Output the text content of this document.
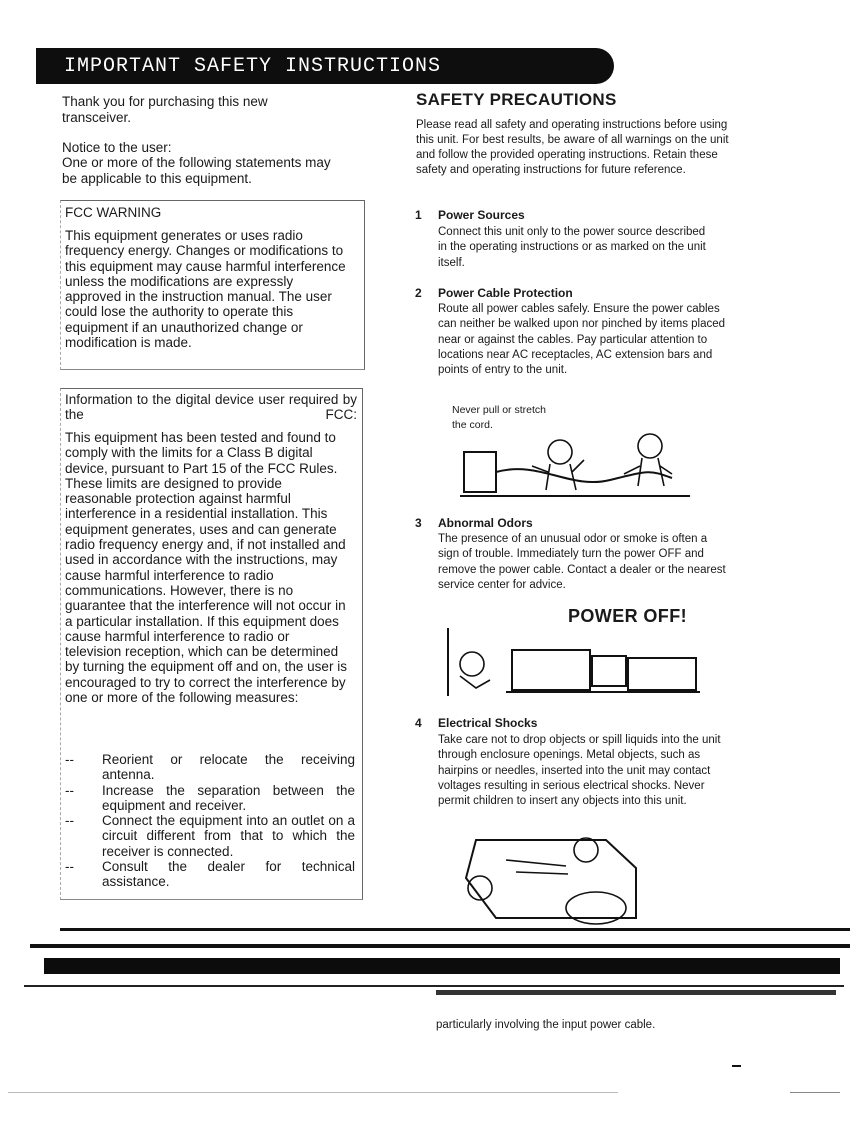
IMPORTANT SAFETY INSTRUCTIONS
Thank you for purchasing this new transceiver.
Notice to the user:
One or more of the following statements may be applicable to this equipment.
FCC WARNING
This equipment generates or uses radio frequency energy. Changes or modifications to this equipment may cause harmful interference unless the modifications are expressly approved in the instruction manual. The user could lose the authority to operate this equipment if an unauthorized change or modification is made.
Information to the digital device user required by the FCC:
This equipment has been tested and found to comply with the limits for a Class B digital device, pursuant to Part 15 of the FCC Rules. These limits are designed to provide reasonable protection against harmful interference in a residential installation. This equipment generates, uses and can generate radio frequency energy and, if not installed and used in accordance with the instructions, may cause harmful interference to radio communications. However, there is no guarantee that the interference will not occur in a particular installation. If this equipment does cause harmful interference to radio or television reception, which can be determined by turning the equipment off and on, the user is encouraged to try to correct the interference by one or more of the following measures:
-- Reorient or relocate the receiving antenna.
-- Increase the separation between the equipment and receiver.
-- Connect the equipment into an outlet on a circuit different from that to which the receiver is connected.
-- Consult the dealer for technical assistance.
SAFETY PRECAUTIONS
Please read all safety and operating instructions before using this unit. For best results, be aware of all warnings on the unit and follow the provided operating instructions. Retain these safety and operating instructions for future reference.
1 Power Sources
Connect this unit only to the power source described in the operating instructions or as marked on the unit itself.
2 Power Cable Protection
Route all power cables safely. Ensure the power cables can neither be walked upon nor pinched by items placed near or against the cables. Pay particular attention to locations near AC receptacles, AC extension bars and points of entry to the unit.
Never pull or stretch the cord.
3 Abnormal Odors
The presence of an unusual odor or smoke is often a sign of trouble. Immediately turn the power OFF and remove the power cable. Contact a dealer or the nearest service center for advice.
POWER OFF!
4 Electrical Shocks
Take care not to drop objects or spill liquids into the unit through enclosure openings. Metal objects, such as hairpins or needles, inserted into the unit may contact voltages resulting in serious electrical shocks. Never permit children to insert any objects into this unit.
particularly involving the input power cable.
